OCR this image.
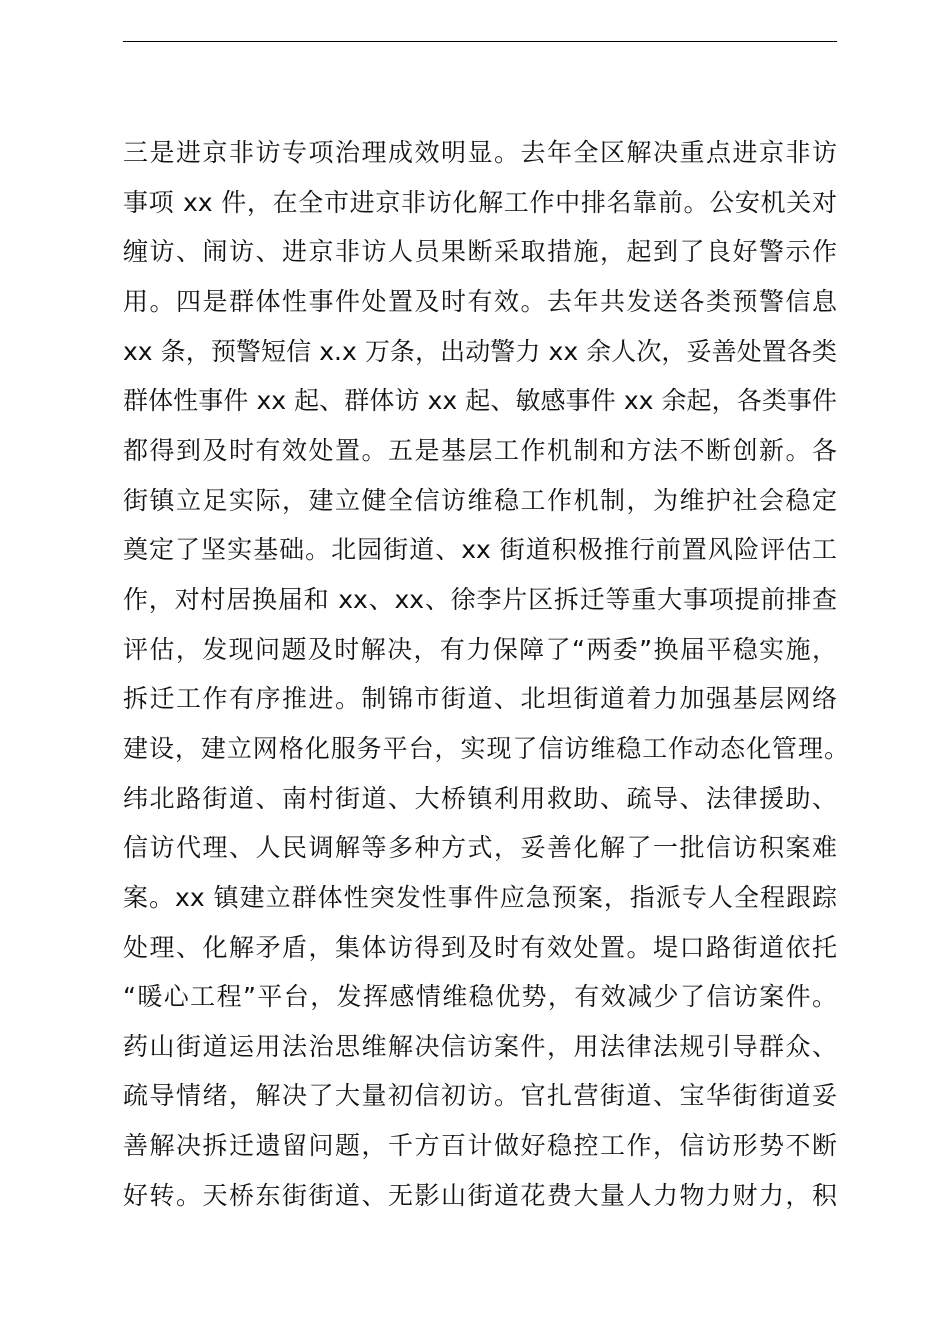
三是进京非访专项治理成效明显。去年全区解决重点进京非访
事项 xx 件，在全市进京非访化解工作中排名靠前。公安机关对
缠访、闹访、进京非访人员果断采取措施，起到了良好警示作
用。四是群体性事件处置及时有效。去年共发送各类预警信息
xx 条，预警短信 x.x 万条，出动警力 xx 余人次，妥善处置各类
群体性事件 xx 起、群体访 xx 起、敏感事件 xx 余起，各类事件
都得到及时有效处置。五是基层工作机制和方法不断创新。各
街镇立足实际，建立健全信访维稳工作机制，为维护社会稳定
奠定了坚实基础。北园街道、xx 街道积极推行前置风险评估工
作，对村居换届和 xx、xx、徐李片区拆迁等重大事项提前排查
评估，发现问题及时解决，有力保障了“两委”换届平稳实施，
拆迁工作有序推进。制锦市街道、北坦街道着力加强基层网络
建设，建立网格化服务平台，实现了信访维稳工作动态化管理。
纬北路街道、南村街道、大桥镇利用救助、疏导、法律援助、
信访代理、人民调解等多种方式，妥善化解了一批信访积案难
案。xx 镇建立群体性突发性事件应急预案，指派专人全程跟踪
处理、化解矛盾，集体访得到及时有效处置。堤口路街道依托
“暖心工程”平台，发挥感情维稳优势，有效减少了信访案件。
药山街道运用法治思维解决信访案件，用法律法规引导群众、
疏导情绪，解决了大量初信初访。官扎营街道、宝华街街道妥
善解决拆迁遗留问题，千方百计做好稳控工作，信访形势不断
好转。天桥东街街道、无影山街道花费大量人力物力财力，积
